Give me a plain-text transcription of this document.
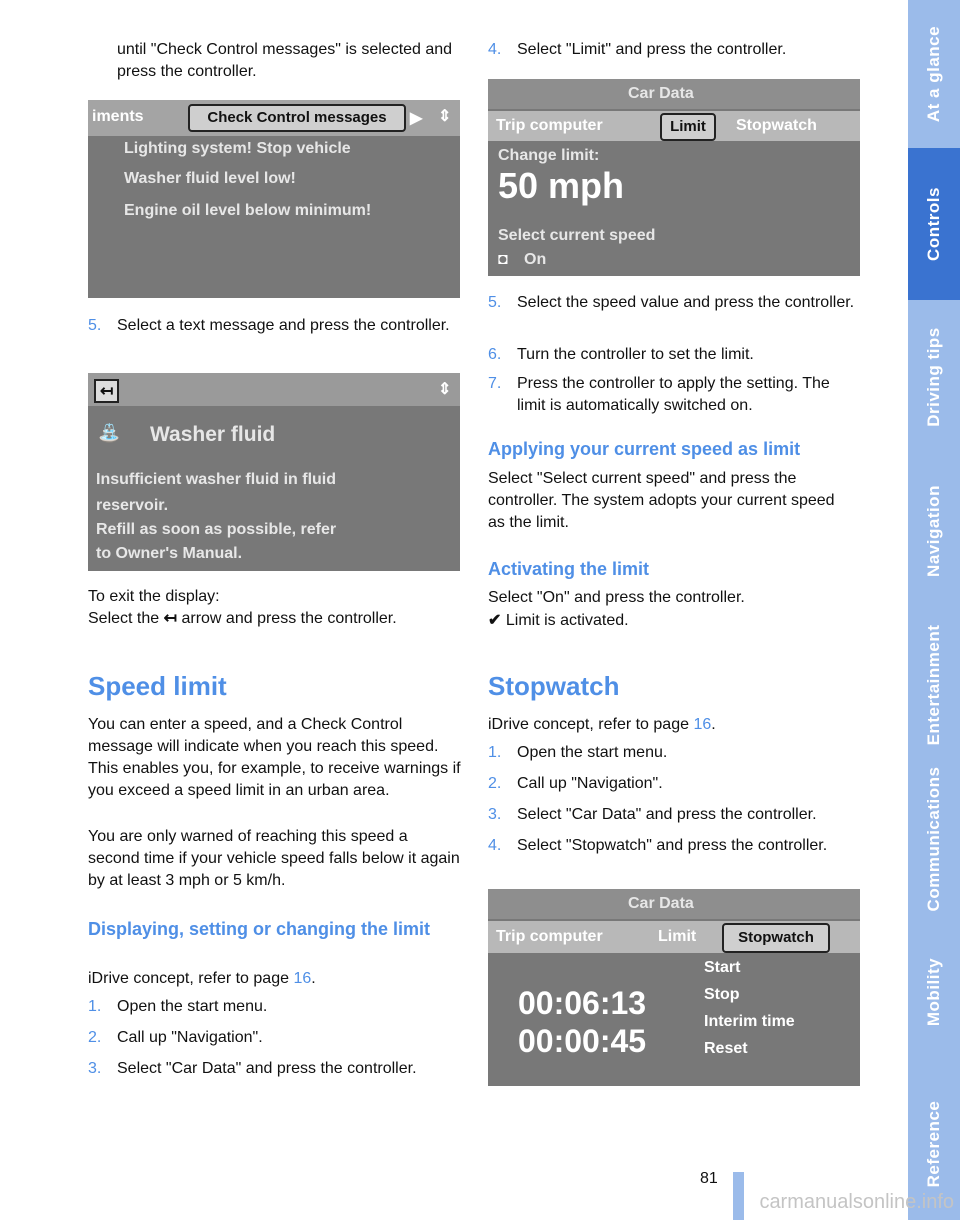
until "Check Control messages" is selected and press the controller.

iments	Check Control messages	▶ ⇕
Lighting system! Stop vehicle
Washer fluid level low!
Engine oil level below minimum!
5. Select a text message and press the controller.
↤	⇕
⛲ Washer fluid
Insufficient washer fluid in fluid
reservoir.
Refill as soon as possible, refer
to Owner's Manual.

To exit the display:

Select the ↤ arrow and press the controller.

Speed limit

You can enter a speed, and a Check Control message will indicate when you reach this speed. This enables you, for example, to receive warnings if you exceed a speed limit in an urban area.

You are only warned of reaching this speed a second time if your vehicle speed falls below it again by at least 3 mph or 5 km/h.

Displaying, setting or changing the limit

iDrive concept, refer to page 16.

1. Open the start menu.
2. Call up "Navigation".
3. Select "Car Data" and press the controller.
4. Select "Limit" and press the controller.
Car Data
Trip computer	Limit	Stopwatch
Change limit:
50 mph
Select current speed
◘ On
5. Select the speed value and press the controller.
6. Turn the controller to set the limit.
7. Press the controller to apply the setting. The limit is automatically switched on.
Applying your current speed as limit

Select "Select current speed" and press the controller. The system adopts your current speed as the limit.

Activating the limit

Select "On" and press the controller.

✔ Limit is activated.

Stopwatch

iDrive concept, refer to page 16.

1. Open the start menu.
2. Call up "Navigation".
3. Select "Car Data" and press the controller.
4. Select "Stopwatch" and press the controller.
Car Data
Trip computer	Limit	Stopwatch
00:06:13
00:00:45
Start
Stop
Interim time
Reset
At a glance
Controls
Driving tips
Navigation
Entertainment
Communications
Mobility
Reference
81
carmanualsonline.info
